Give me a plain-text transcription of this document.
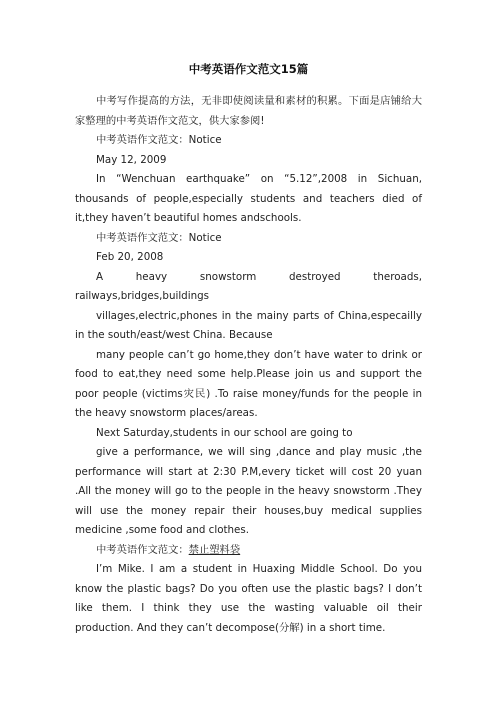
中考英语作文范文15篇

中考写作提高的方法，无非即使阅读量和素材的积累。下面是店铺给大家整理的中考英语作文范文，供大家参阅!

中考英语作文范文：Notice

May 12, 2009

In “Wenchuan earthquake” on “5.12”,2008 in Sichuan, thousands of people,especially students and teachers died of it,they haven’t beautiful homes andschools.

中考英语作文范文：Notice

Feb 20, 2008

A heavy snowstorm destroyed theroads,

railways,bridges,buildings

villages,electric,phones in the mainy parts of China,especailly in the south/east/west China. Because

many people can’t go home,they don’t have water to drink or food to eat,they need some help.Please join us and support the poor people (victims灾民) .To raise money/funds for the people in the heavy snowstorm places/areas.

Next Saturday,students in our school are going to

give a performance, we will sing ,dance and play music ,the performance will start at 2:30 P.M,every ticket will cost 20 yuan .All the money will go to the people in the heavy snowstorm .They will use the money repair their houses,buy medical supplies medicine ,some food and clothes.

中考英语作文范文：禁止塑料袋

I’m Mike. I am a student in Huaxing Middle School. Do you know the plastic bags? Do you often use the plastic bags? I don’t like them. I think they use the wasting valuable oil their production. And they can’t decompose(分解) in a short time.
